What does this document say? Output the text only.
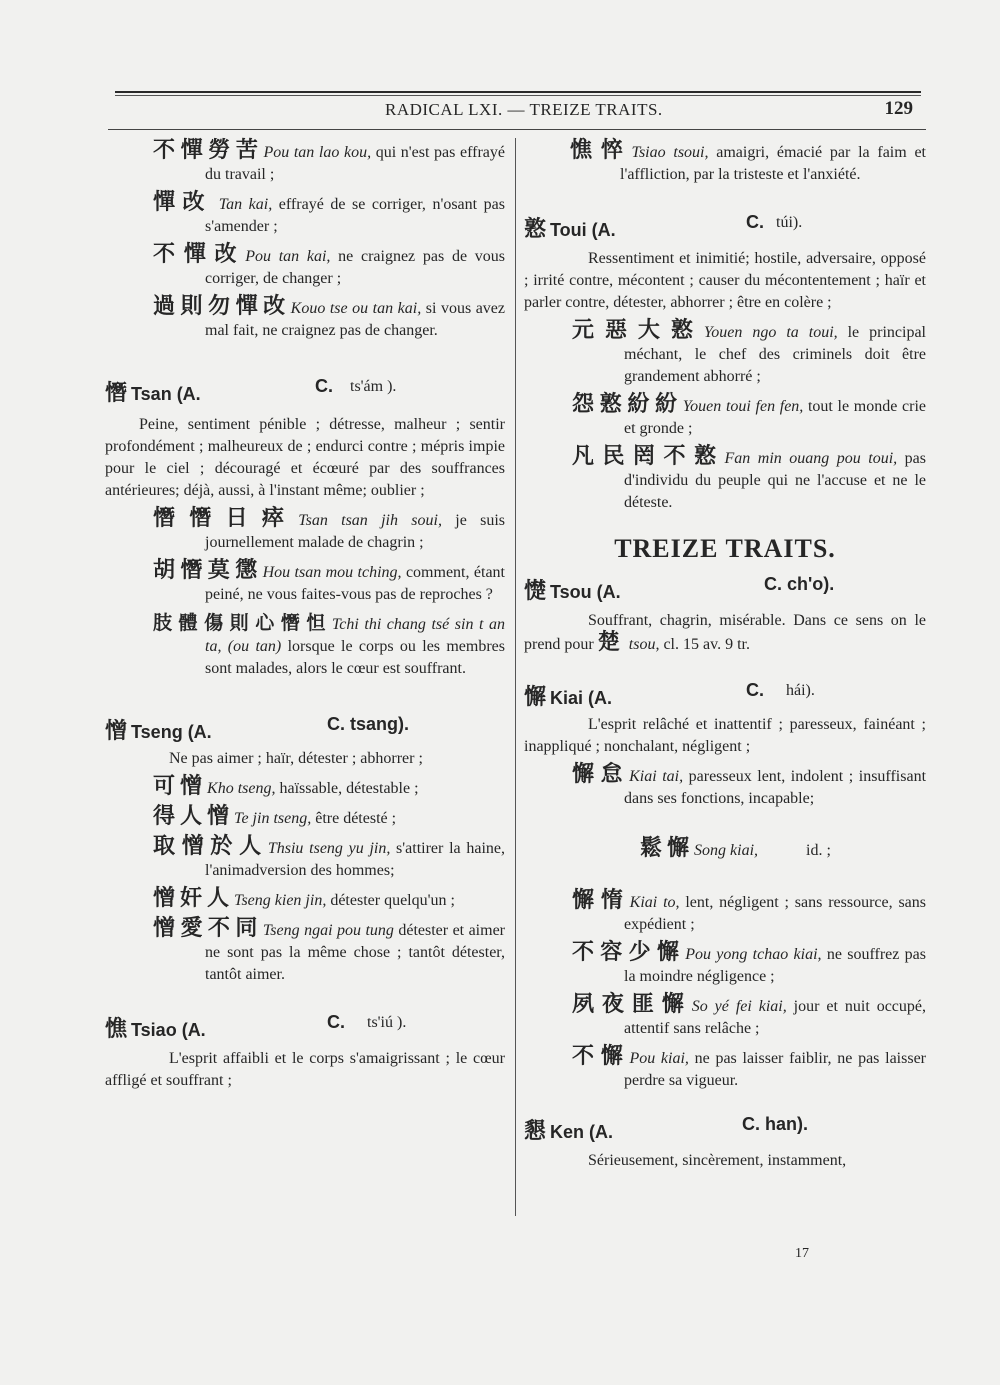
RADICAL LXI. — TREIZE TRAITS.	129
不憚勞苦Pou tan lao kou, qui n'est pas effrayé du travail ;
憚改 Tan kai, effrayé de se corriger, n'osant pas s'amender ;
不憚改Pou tan kai, ne craignez pas de vous corriger, de changer ;
過則勿憚改Kouo tse ou tan kai, si vous avez mal fait, ne craignez pas de changer.
憯 Tsan (A.	C. ts'ám ).
Peine, sentiment pénible ; détresse, malheur ; sentir profondément ; malheureux de ; endurci contre ; mépris impie pour le ciel ; découragé et écœuré par des souffrances antérieures; déjà, aussi, à l'instant même; oublier ;
憯憯日瘁Tsan tsan jih soui, je suis journellement malade de chagrin ;
胡憯莫懲Hou tsan mou tching, comment, étant peiné, ne vous faites-vous pas de reproches ?
肢體傷則心憯怛Tchi thi chang tsé sin t an ta, (ou tan) lorsque le corps ou les membres sont malades, alors le cœur est souffrant.
憎 Tseng (A.	C. tsang).
Ne pas aimer ; haïr, détester ; abhorrer ;
可憎Kho tseng, haïssable, détestable ;
得人憎Te jin tseng, être détesté ;
取憎於人Thsiu tseng yu jin, s'attirer la haine, l'animadversion des hommes;
憎奸人Tseng kien jin, détester quelqu'un ;
憎愛不同Tseng ngai pou tung détester et aimer ne sont pas la même chose ; tantôt détester, tantôt aimer.
憔 Tsiao (A.	C. ts'iú ).
L'esprit affaibli et le corps s'amaigrissant ; le cœur affligé et souffrant ;
憔悴Tsiao tsoui, amaigri, émacié par la faim et l'affliction, par la tristeste et l'anxiété.
憝 Toui (A.	C. túi).
Ressentiment et inimitié; hostile, adversaire, opposé ; irrité contre, mécontent ; causer du mécontentement ; haïr et parler contre, détester, abhorrer ; être en colère ;
元惡大憝Youen ngo ta toui, le principal méchant, le chef des criminels doit être grandement abhorré ;
怨憝紛紛Youen toui fen fen, tout le monde crie et gronde ;
凡民罔不憝Fan min ouang pou toui, pas d'individu du peuple qui ne l'accuse et ne le déteste.
TREIZE TRAITS.
憷 Tsou (A.	C. ch'o).
Souffrant, chagrin, misérable. Dans ce sens on le prend pour 楚 tsou, cl. 15 av. 9 tr.
懈 Kiai (A.	C. hái).
L'esprit relâché et inattentif ; paresseux, fainéant ; inappliqué ; nonchalant, négligent ;
懈怠Kiai tai, paresseux lent, indolent ; insuffisant dans ses fonctions, incapable;

鬆懈Song kiai,            id. ;

懈惰Kiai to, lent, négligent ; sans ressource, sans expédient ;
不容少懈Pou yong tchao kiai, ne souffrez pas la moindre négligence ;
夙夜匪懈So yé fei kiai, jour et nuit occupé, attentif sans relâche ;
不懈Pou kiai, ne pas laisser faiblir, ne pas laisser perdre sa vigueur.
懇 Ken (A.	C. han).
Sérieusement, sincèrement, instamment,
17
